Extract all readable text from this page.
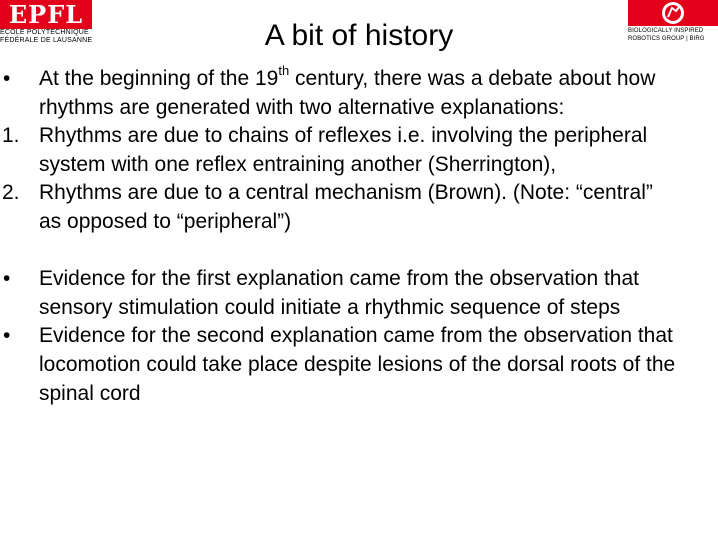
EPFL
ÉCOLE POLYTECHNIQUE
FÉDÉRALE DE LAUSANNE
BIOLOGICALLY INSPIRED
ROBOTICS GROUP | BIRG
A bit of history
• At the beginning of the 19th century, there was a debate about how rhythms are generated with two alternative explanations:
1. Rhythms are due to chains of reflexes i.e. involving the peripheral system with one reflex entraining another (Sherrington),
2. Rhythms are due to a central mechanism (Brown). (Note: “central” as opposed to “peripheral”)
• Evidence for the first explanation came from the observation that sensory stimulation could initiate a rhythmic sequence of steps
• Evidence for the second explanation came from the observation that locomotion could take place despite lesions of the dorsal roots of the spinal cord
